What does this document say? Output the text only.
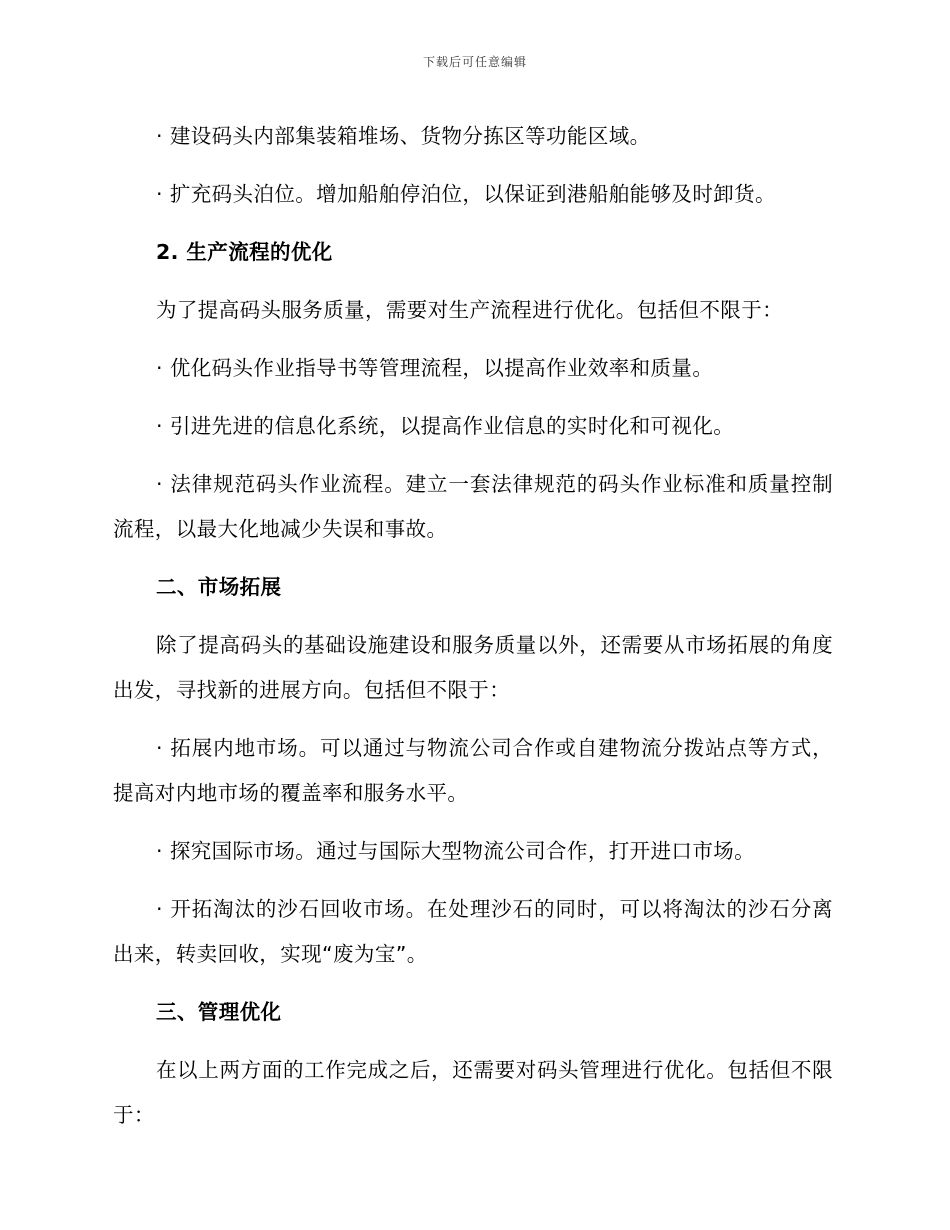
下载后可任意编辑

· 建设码头内部集装箱堆场、货物分拣区等功能区域。

· 扩充码头泊位。增加船舶停泊位，以保证到港船舶能够及时卸货。

2. 生产流程的优化

为了提高码头服务质量，需要对生产流程进行优化。包括但不限于：

· 优化码头作业指导书等管理流程，以提高作业效率和质量。

· 引进先进的信息化系统，以提高作业信息的实时化和可视化。

· 法律规范码头作业流程。建立一套法律规范的码头作业标准和质量控制流程，以最大化地减少失误和事故。

二、市场拓展

除了提高码头的基础设施建设和服务质量以外，还需要从市场拓展的角度出发，寻找新的进展方向。包括但不限于：

· 拓展内地市场。可以通过与物流公司合作或自建物流分拨站点等方式，提高对内地市场的覆盖率和服务水平。

· 探究国际市场。通过与国际大型物流公司合作，打开进口市场。

· 开拓淘汰的沙石回收市场。在处理沙石的同时，可以将淘汰的沙石分离出来，转卖回收，实现“废为宝”。

三、管理优化

在以上两方面的工作完成之后，还需要对码头管理进行优化。包括但不限于：
